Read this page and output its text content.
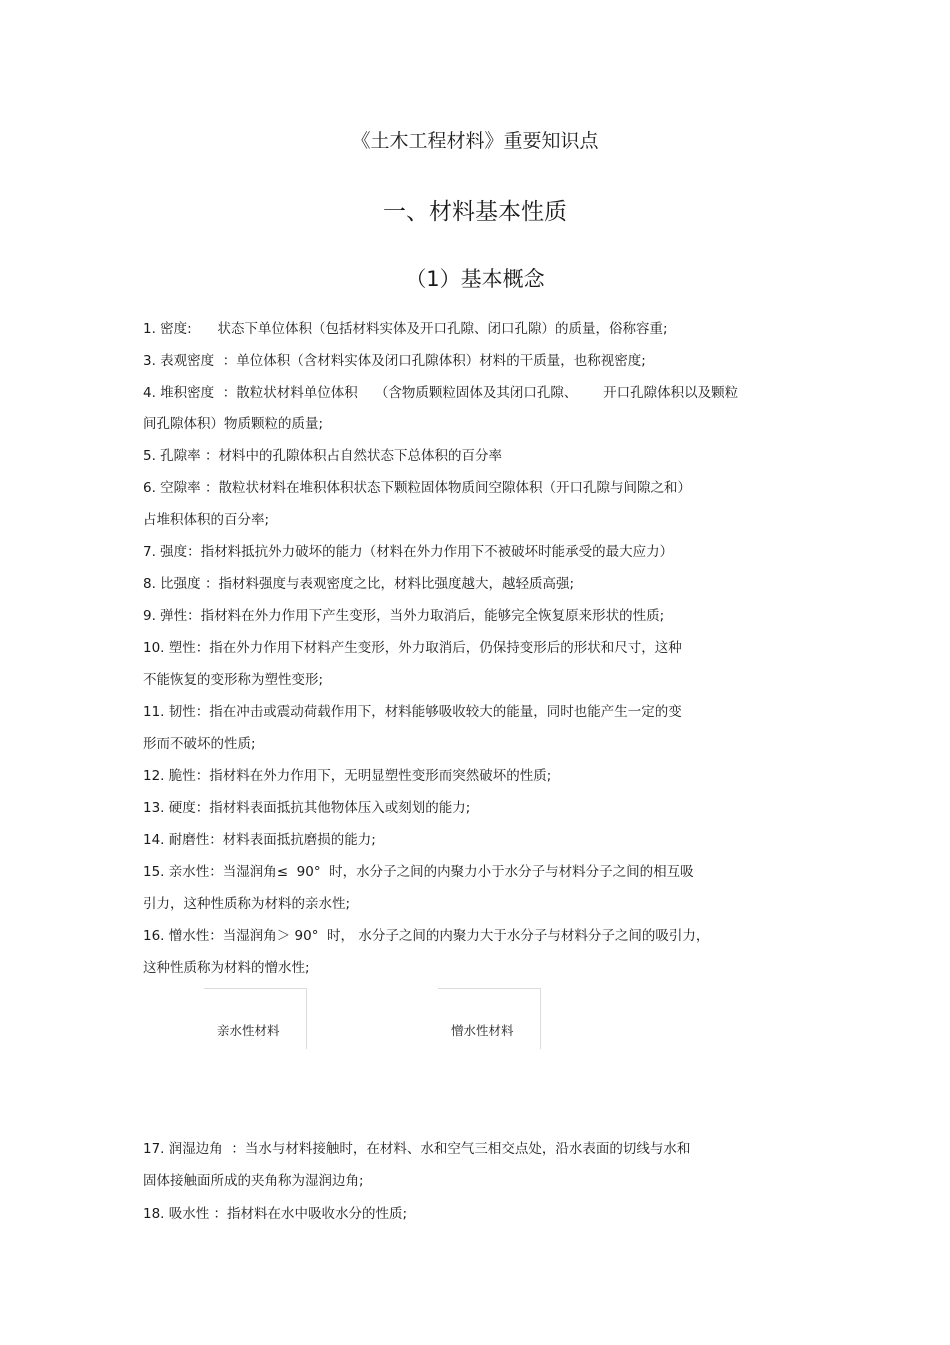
《土木工程材料》重要知识点
一、材料基本性质
（1）基本概念
1. 密度:      状态下单位体积（包括材料实体及开口孔隙、闭口孔隙）的质量，俗称容重;
3. 表观密度  ：单位体积（含材料实体及闭口孔隙体积）材料的干质量，也称视密度;
4. 堆积密度  ：散粒状材料单位体积    （含物质颗粒固体及其闭口孔隙、      开口孔隙体积以及颗粒
间孔隙体积）物质颗粒的质量;
5. 孔隙率 ：材料中的孔隙体积占自然状态下总体积的百分率
6. 空隙率 ：散粒状材料在堆积体积状态下颗粒固体物质间空隙体积（开口孔隙与间隙之和）
占堆积体积的百分率;
7. 强度：指材料抵抗外力破坏的能力（材料在外力作用下不被破坏时能承受的最大应力）
8. 比强度 ：指材料强度与表观密度之比，材料比强度越大，越轻质高强;
9. 弹性：指材料在外力作用下产生变形，当外力取消后，能够完全恢复原来形状的性质;
10. 塑性：指在外力作用下材料产生变形，外力取消后，仍保持变形后的形状和尺寸，这种
不能恢复的变形称为塑性变形;
11. 韧性：指在冲击或震动荷载作用下，材料能够吸收较大的能量，同时也能产生一定的变
形而不破坏的性质;
12. 脆性：指材料在外力作用下，无明显塑性变形而突然破坏的性质;
13. 硬度：指材料表面抵抗其他物体压入或刻划的能力;
14. 耐磨性：材料表面抵抗磨损的能力;
15. 亲水性：当湿润角≤  90°  时，水分子之间的内聚力小于水分子与材料分子之间的相互吸
引力，这种性质称为材料的亲水性;
16. 憎水性：当湿润角＞ 90°  时， 水分子之间的内聚力大于水分子与材料分子之间的吸引力，
这种性质称为材料的憎水性;
亲水性材料	憎水性材料
17. 润湿边角  ：当水与材料接触时，在材料、水和空气三相交点处，沿水表面的切线与水和
固体接触面所成的夹角称为湿润边角;
18. 吸水性 ：指材料在水中吸收水分的性质;
